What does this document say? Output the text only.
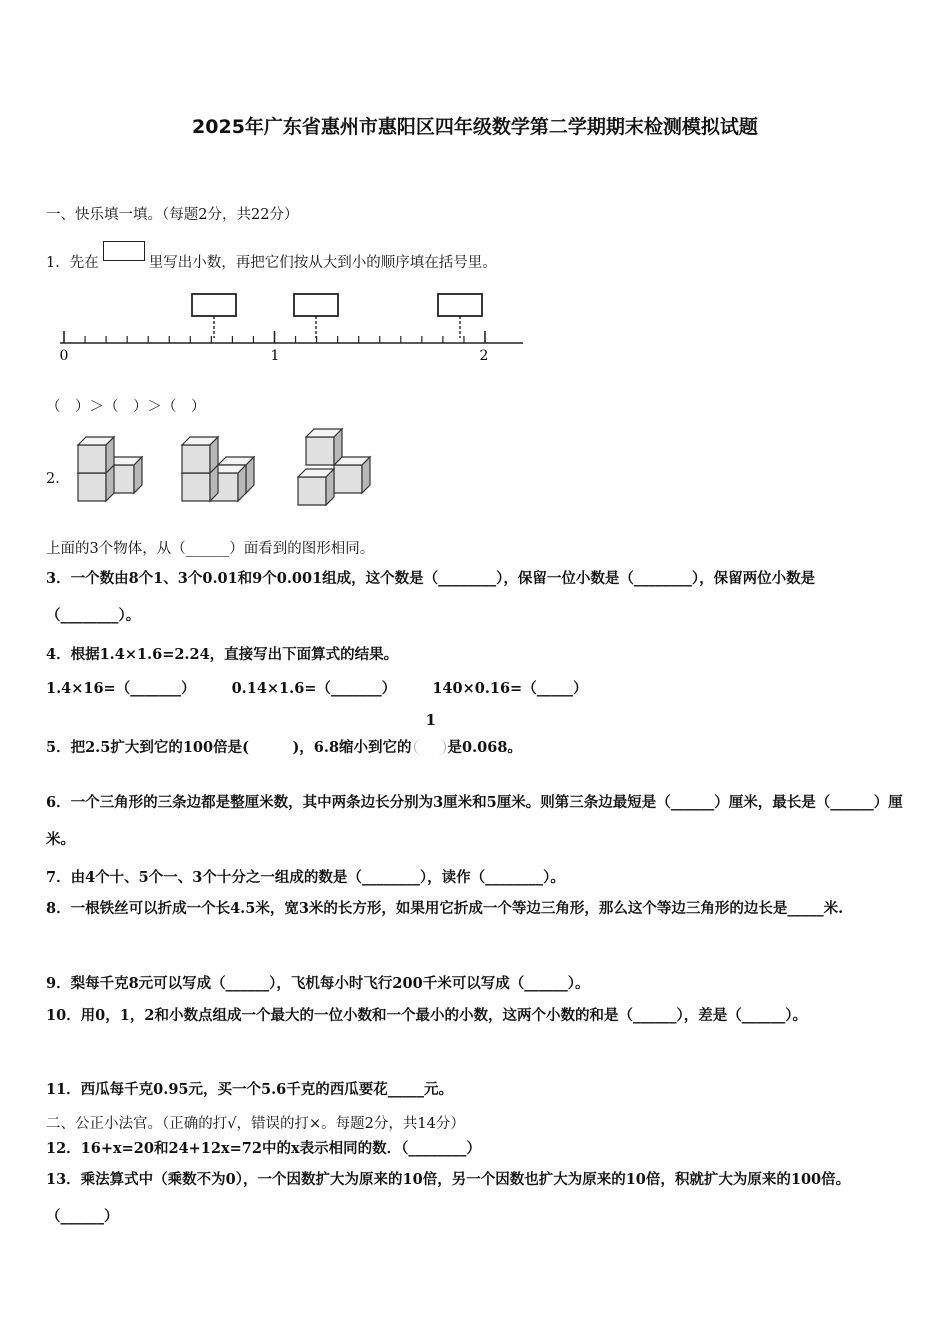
2025年广东省惠州市惠阳区四年级数学第二学期期末检测模拟试题
一、快乐填一填。（每题2分，共22分）
1．先在	里写出小数，再把它们按从大到小的顺序填在括号里。
0	1	2
（　）＞（　）＞（　）
2．
上面的3个物体，从（______）面看到的图形相同。
3．一个数由8个1、3个0.01和9个0.001组成，这个数是（________），保留一位小数是（________），保留两位小数是（________）。
4．根据1.4×1.6=2.24，直接写出下面算式的结果。
1.4×16=（_______） 0.14×1.6=（_______） 140×0.16=（_____）
5．把2.5扩大到它的100倍是(　　　)，6.8缩小到它的
1
是0.068。
6．一个三角形的三条边都是整厘米数，其中两条边长分别为3厘米和5厘米。则第三条边最短是（______）厘米，最长是（______）厘米。
7．由4个十、5个一、3个十分之一组成的数是（________），读作（________）。
8．一根铁丝可以折成一个长4.5米，宽3米的长方形，如果用它折成一个等边三角形，那么这个等边三角形的边长是_____米.
9．梨每千克8元可以写成（______），飞机每小时飞行200千米可以写成（______）。
10．用0，1，2和小数点组成一个最大的一位小数和一个最小的小数，这两个小数的和是（______），差是（______）。
11．西瓜每千克0.95元，买一个5.6千克的西瓜要花_____元。
二、公正小法官。（正确的打√，错误的打×。每题2分，共14分）
12．16+x=20和24+12x=72中的x表示相同的数．（________）
13．乘法算式中（乘数不为0），一个因数扩大为原来的10倍，另一个因数也扩大为原来的10倍，积就扩大为原来的100倍。（______）
